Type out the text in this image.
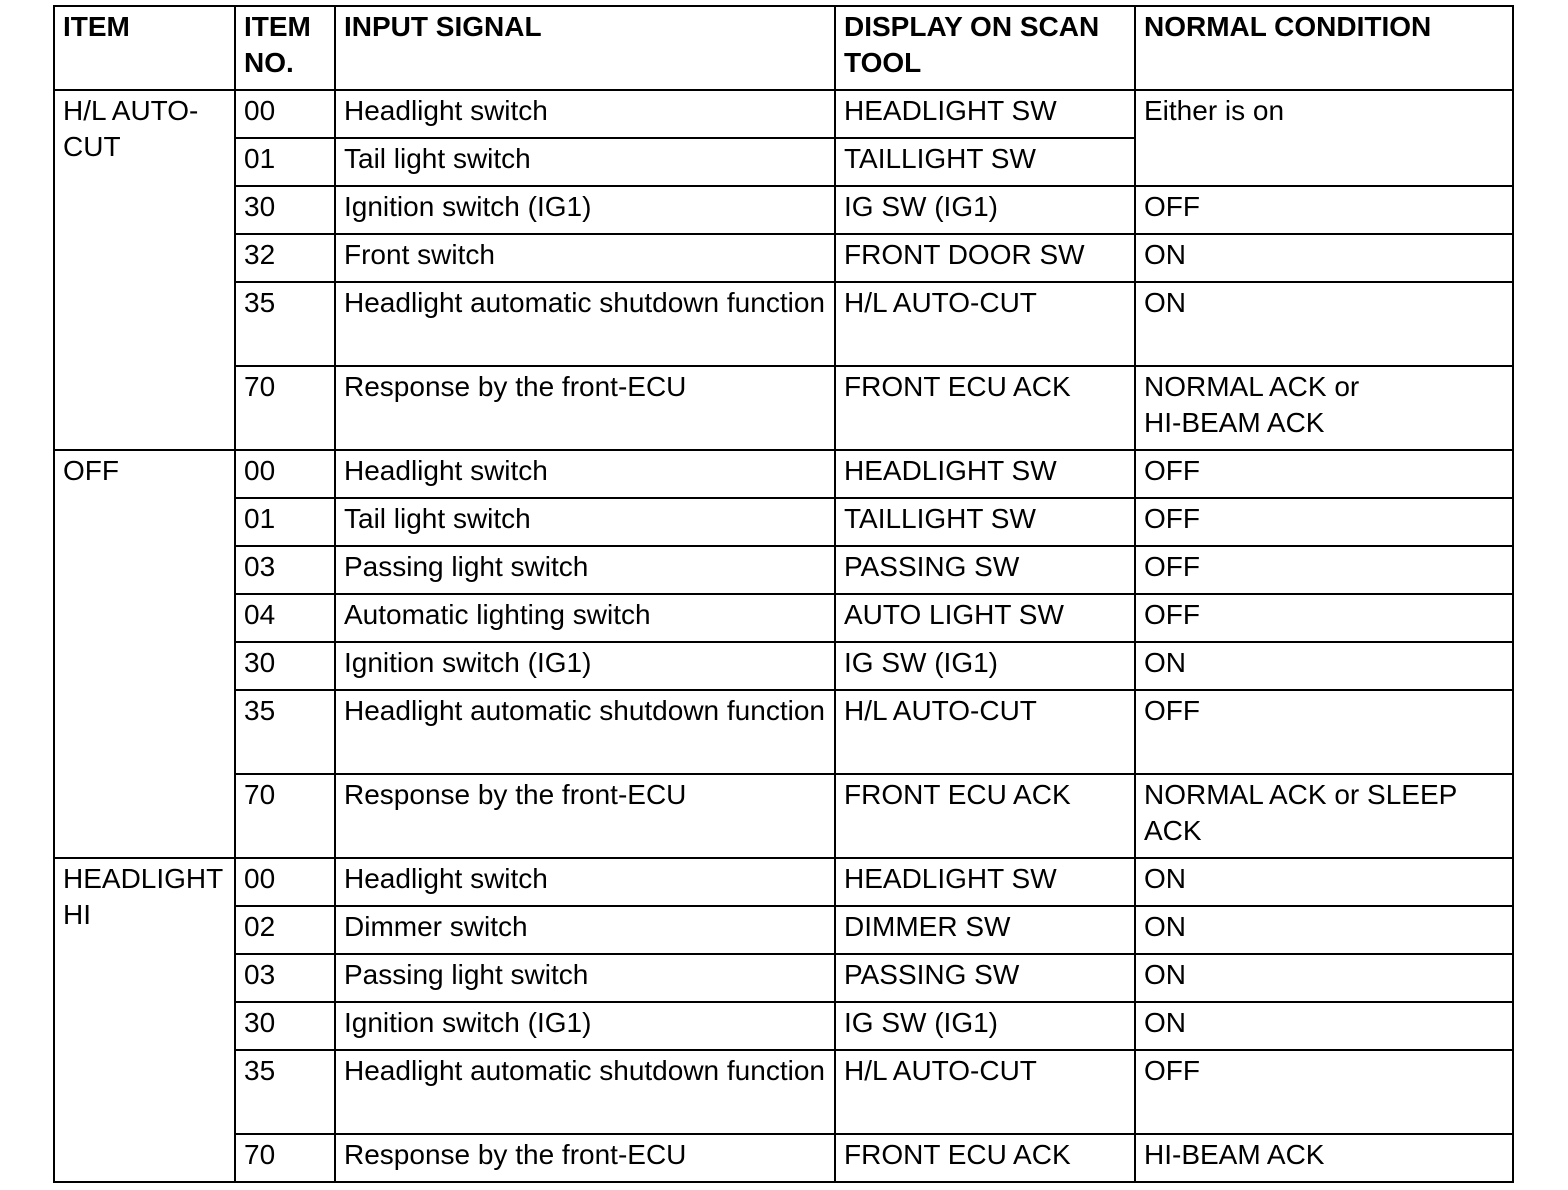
ITEM	ITEM NO.	INPUT SIGNAL	DISPLAY ON SCAN TOOL	NORMAL CONDITION
H/L AUTO-CUT	00	Headlight switch	HEADLIGHT SW	Either is on
	01	Tail light switch	TAILLIGHT SW	
	30	Ignition switch (IG1)	IG SW (IG1)	OFF
	32	Front switch	FRONT DOOR SW	ON
	35	Headlight automatic shutdown function	H/L AUTO-CUT	ON
	70	Response by the front-ECU	FRONT ECU ACK	NORMAL ACK or
HI-BEAM ACK

OFF	00	Headlight switch	HEADLIGHT SW	OFF
	01	Tail light switch	TAILLIGHT SW	OFF
	03	Passing light switch	PASSING SW	OFF
	04	Automatic lighting switch	AUTO LIGHT SW	OFF
	30	Ignition switch (IG1)	IG SW (IG1)	ON
	35	Headlight automatic shutdown function	H/L AUTO-CUT	OFF
	70	Response by the front-ECU	FRONT ECU ACK	NORMAL ACK or SLEEP ACK
HEADLIGHT HI	00	Headlight switch	HEADLIGHT SW	ON
	02	Dimmer switch	DIMMER SW	ON
	03	Passing light switch	PASSING SW	ON
	30	Ignition switch (IG1)	IG SW (IG1)	ON
	35	Headlight automatic shutdown function	H/L AUTO-CUT	OFF
	70	Response by the front-ECU	FRONT ECU ACK	HI-BEAM ACK
